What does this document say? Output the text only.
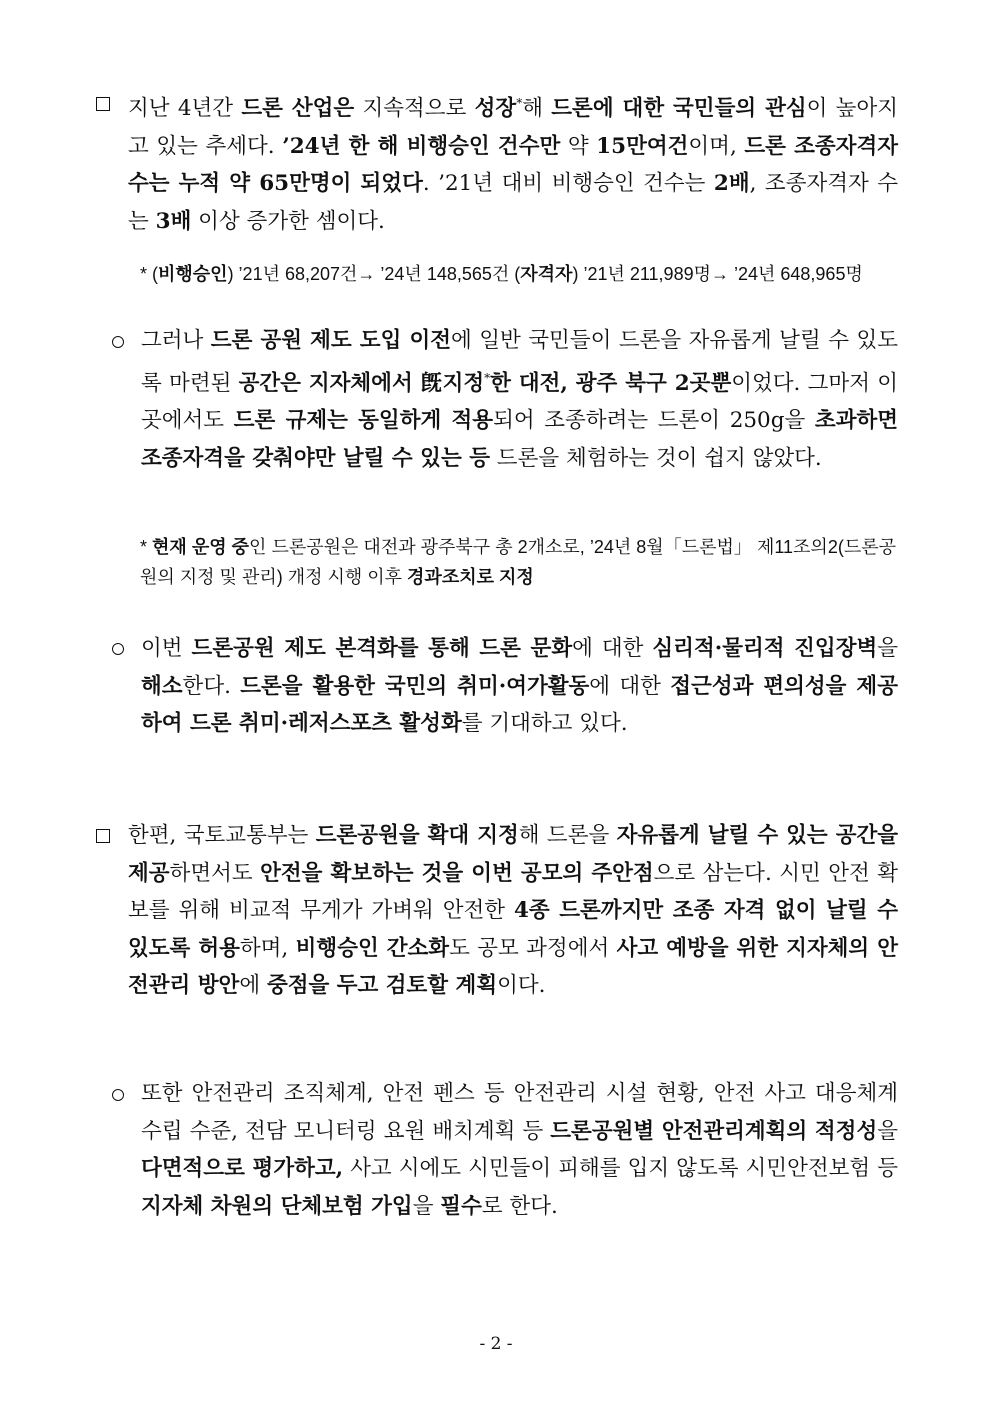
지난 4년간 드론 산업은 지속적으로 성장*해 드론에 대한 국민들의 관심이 높아지고 있는 추세다. ’24년 한 해 비행승인 건수만 약 15만여건이며, 드론 조종자격자 수는 누적 약 65만명이 되었다. ’21년 대비 비행승인 건수는 2배, 조종자격자 수는 3배 이상 증가한 셈이다.
* (비행승인) ’21년 68,207건→ ’24년 148,565건 (자격자) ’21년 211,989명→ ’24년 648,965명
그러나 드론 공원 제도 도입 이전에 일반 국민들이 드론을 자유롭게 날릴 수 있도록 마련된 공간은 지자체에서 旣지정*한 대전, 광주 북구 2곳뿐이었다. 그마저 이곳에서도 드론 규제는 동일하게 적용되어 조종하려는 드론이 250g을 초과하면 조종자격을 갖춰야만 날릴 수 있는 등 드론을 체험하는 것이 쉽지 않았다.
* 현재 운영 중인 드론공원은 대전과 광주북구 총 2개소로, ’24년 8월「드론법」 제11조의2(드론공원의 지정 및 관리) 개정 시행 이후 경과조치로 지정
이번 드론공원 제도 본격화를 통해 드론 문화에 대한 심리적·물리적 진입장벽을 해소한다. 드론을 활용한 국민의 취미·여가활동에 대한 접근성과 편의성을 제공하여 드론 취미·레저스포츠 활성화를 기대하고 있다.
한편, 국토교통부는 드론공원을 확대 지정해 드론을 자유롭게 날릴 수 있는 공간을 제공하면서도 안전을 확보하는 것을 이번 공모의 주안점으로 삼는다. 시민 안전 확보를 위해 비교적 무게가 가벼워 안전한 4종 드론까지만 조종 자격 없이 날릴 수 있도록 허용하며, 비행승인 간소화도 공모 과정에서 사고 예방을 위한 지자체의 안전관리 방안에 중점을 두고 검토할 계획이다.
또한 안전관리 조직체계, 안전 펜스 등 안전관리 시설 현황, 안전 사고 대응체계 수립 수준, 전담 모니터링 요원 배치계획 등 드론공원별 안전관리계획의 적정성을 다면적으로 평가하고, 사고 시에도 시민들이 피해를 입지 않도록 시민안전보험 등 지자체 차원의 단체보험 가입을 필수로 한다.
- 2 -
